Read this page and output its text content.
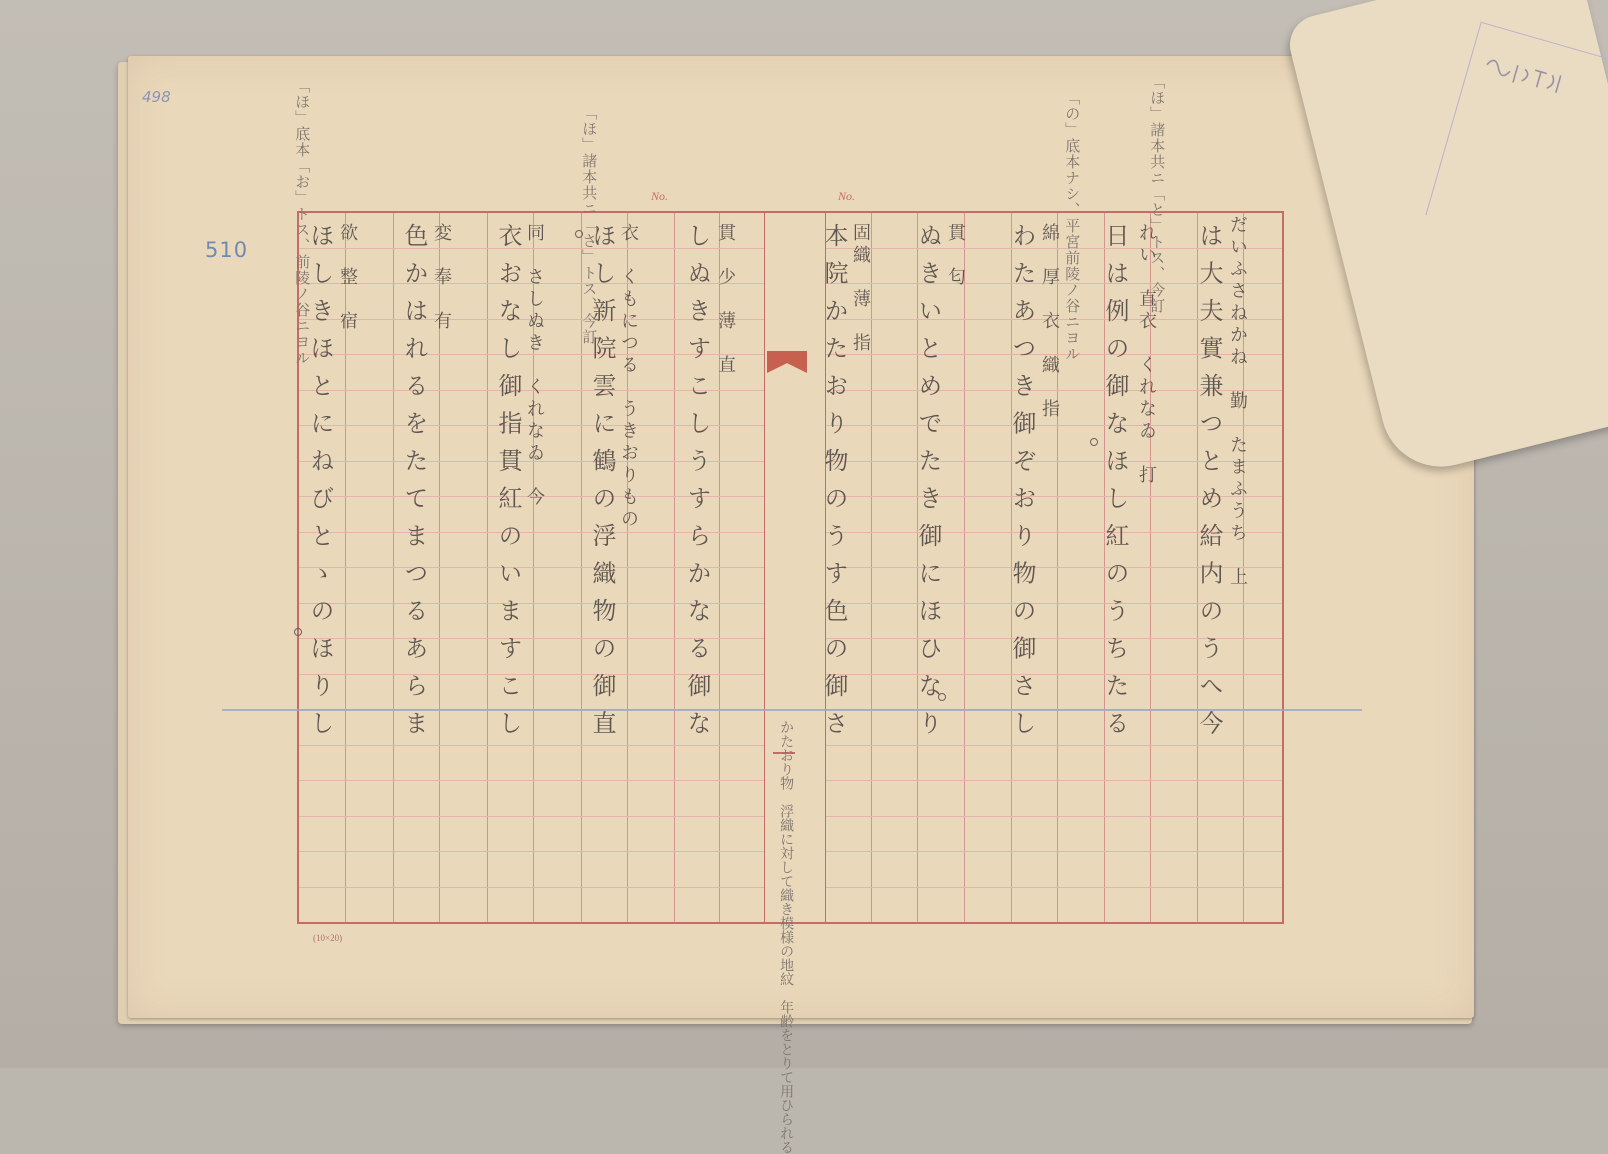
498
510
No.	No.	「ほ」諸本共ニ「と」トス、今訂
「の」底本ナシ、平宮前陵ノ谷ニヨル
「ほ」諸本共ニ「さ」トス、今訂
「ほ」底本「お」トス、前陵ノ谷ニヨル
は大夫實兼つとめ給内のうへ今 だいふさねかね　勤　たまふうち　上
日は例の御なほし紅のうちたる れい　直衣　くれなゐ　打
わたあつき御ぞおり物の御さし 綿　厚　衣　織　指
ぬきいとめでたき御にほひなり 貫　匂
本院かたおり物のうす色の御さ 固織　薄　指
しぬきすこしうすらかなる御な 貫　少　薄　直
ほし新院雲に鶴の浮織物の御直 衣　くもにつる　うきおりもの
衣おなし御指貫紅のいますこし 同　さしぬき　くれなゐ　今
色かはれるをたてまつるあらま 変　奉　有
ほしきほとにねびとゝのほりし 欲　整　宿
かたおり物　浮織に対して織き模様の地紋　年齢をとりて用ひられる
(10×20)
